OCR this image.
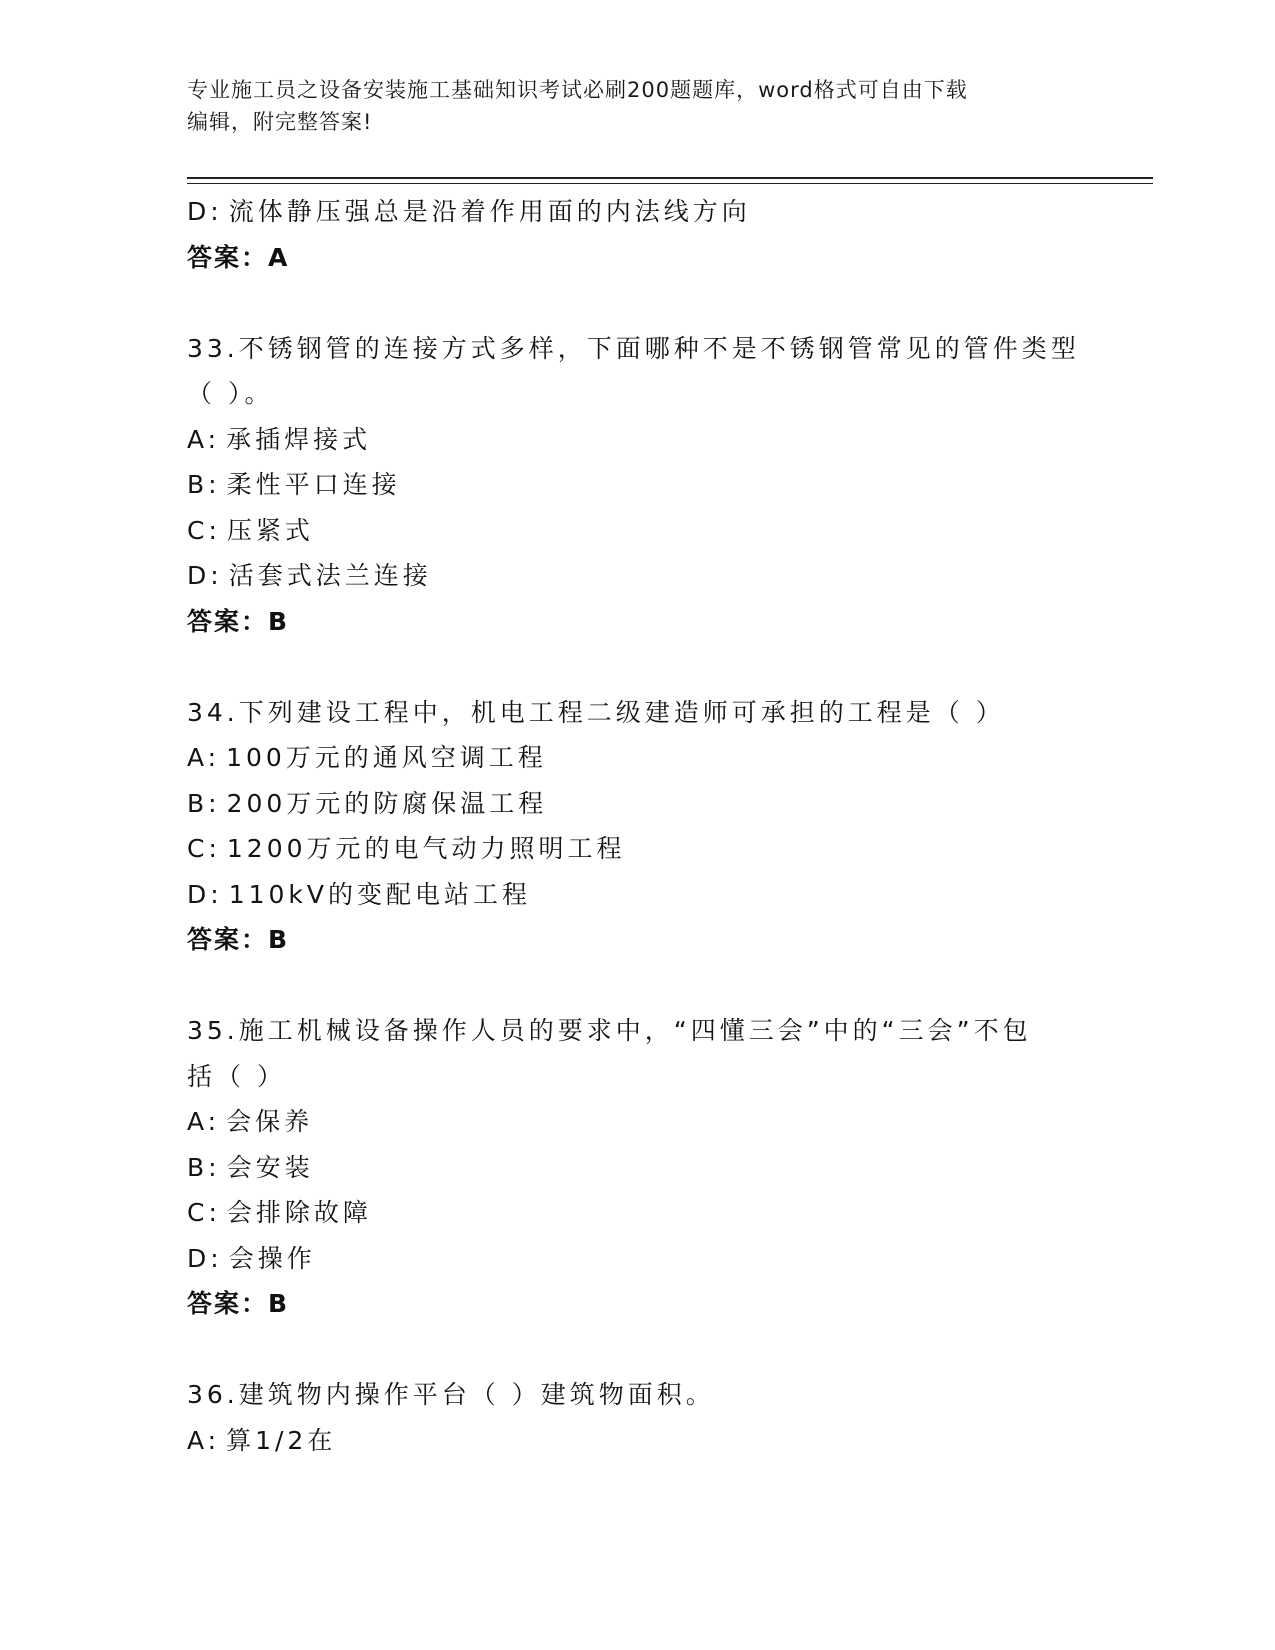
专业施工员之设备安装施工基础知识考试必刷200题题库，word格式可自由下载
编辑，附完整答案!
D: 流体静压强总是沿着作用面的内法线方向
答案：A
33.不锈钢管的连接方式多样，下面哪种不是不锈钢管常见的管件类型
（ ）。
A: 承插焊接式
B: 柔性平口连接
C: 压紧式
D: 活套式法兰连接
答案：B
34.下列建设工程中，机电工程二级建造师可承担的工程是（ ）
A: 100万元的通风空调工程
B: 200万元的防腐保温工程
C: 1200万元的电气动力照明工程
D: 110kV的变配电站工程
答案：B
35.施工机械设备操作人员的要求中，“四懂三会”中的“三会”不包
括（ ）
A: 会保养
B: 会安装
C: 会排除故障
D: 会操作
答案：B
36.建筑物内操作平台（ ）建筑物面积。
A: 算1/2在
